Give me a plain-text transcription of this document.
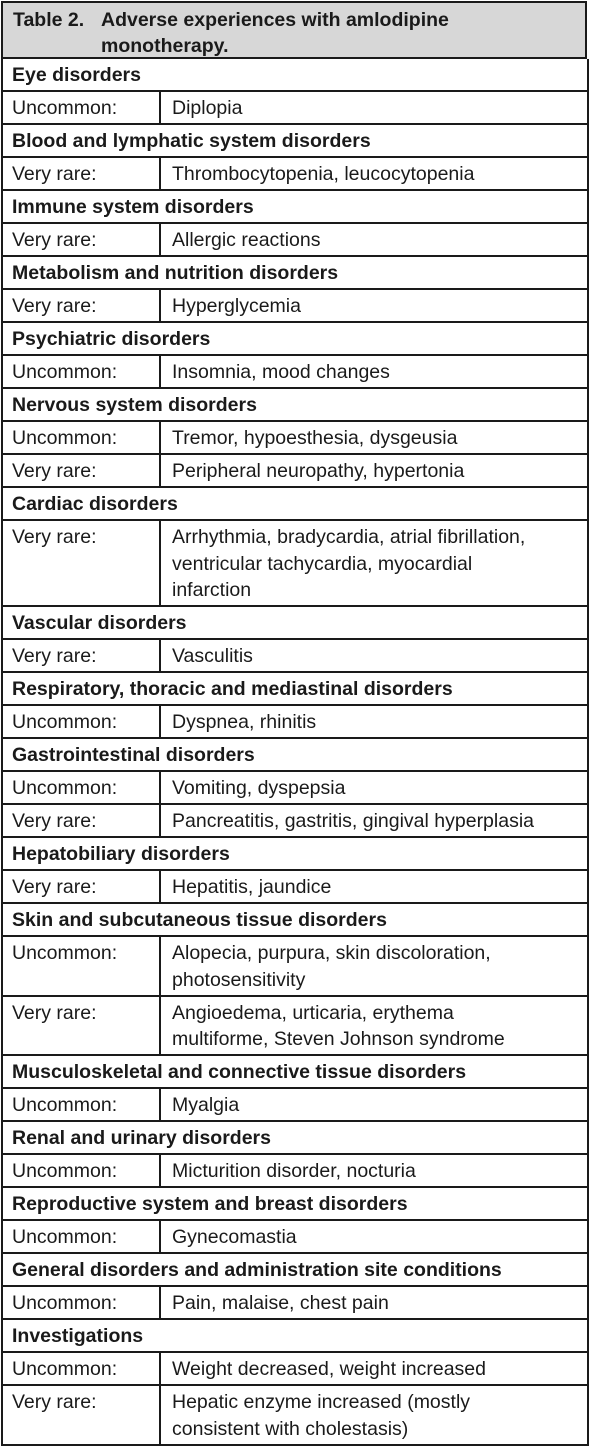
Table 2. Adverse experiences with amlodipine
monotherapy.
Eye disorders
Uncommon:	Diplopia
Blood and lymphatic system disorders
Very rare:	Thrombocytopenia, leucocytopenia
Immune system disorders
Very rare:	Allergic reactions
Metabolism and nutrition disorders
Very rare:	Hyperglycemia
Psychiatric disorders
Uncommon:	Insomnia, mood changes
Nervous system disorders
Uncommon:	Tremor, hypoesthesia, dysgeusia
Very rare:	Peripheral neuropathy, hypertonia
Cardiac disorders
Very rare:	Arrhythmia, bradycardia, atrial fibrillation,
ventricular tachycardia, myocardial
infarction
Vascular disorders
Very rare:	Vasculitis
Respiratory, thoracic and mediastinal disorders
Uncommon:	Dyspnea, rhinitis
Gastrointestinal disorders
Uncommon:	Vomiting, dyspepsia
Very rare:	Pancreatitis, gastritis, gingival hyperplasia
Hepatobiliary disorders
Very rare:	Hepatitis, jaundice
Skin and subcutaneous tissue disorders
Uncommon:	Alopecia, purpura, skin discoloration,
photosensitivity
Very rare:	Angioedema, urticaria, erythema
multiforme, Steven Johnson syndrome
Musculoskeletal and connective tissue disorders
Uncommon:	Myalgia
Renal and urinary disorders
Uncommon:	Micturition disorder, nocturia
Reproductive system and breast disorders
Uncommon:	Gynecomastia
General disorders and administration site conditions
Uncommon:	Pain, malaise, chest pain
Investigations
Uncommon:	Weight decreased, weight increased
Very rare:	Hepatic enzyme increased (mostly
consistent with cholestasis)
